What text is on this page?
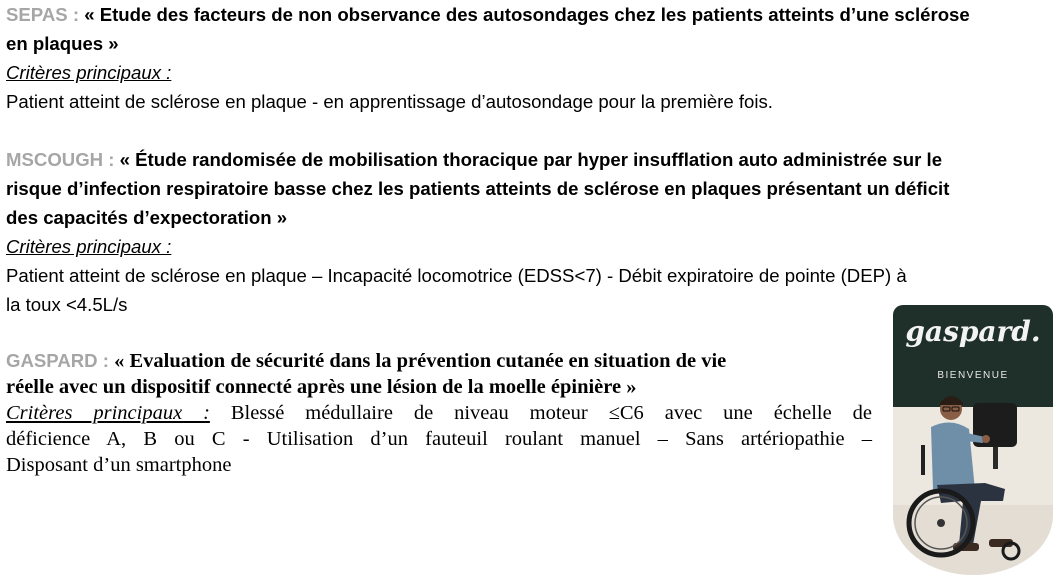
SEPAS : « Etude des facteurs de non observance des autosondages chez les patients atteints d’une sclérose
en plaques »
Critères principaux :
Patient atteint de sclérose en plaque - en apprentissage d’autosondage pour la première fois.
MSCOUGH : « Étude randomisée de mobilisation thoracique par hyper insufflation auto administrée sur le
risque d’infection respiratoire basse chez les patients atteints de sclérose en plaques présentant un déficit
des capacités d’expectoration »
Critères principaux :
Patient atteint de sclérose en plaque – Incapacité locomotrice (EDSS<7) - Débit expiratoire de pointe (DEP) à
la toux <4.5L/s
GASPARD : « Evaluation de sécurité dans la prévention cutanée en situation de vie
réelle avec un dispositif connecté après une lésion de la moelle épinière »
Critères principaux : Blessé médullaire de niveau moteur ≤C6 avec une échelle de
déficience A, B ou C - Utilisation d’un fauteuil roulant manuel – Sans artériopathie –
Disposant d’un smartphone
gaspard.
BIENVENUE
